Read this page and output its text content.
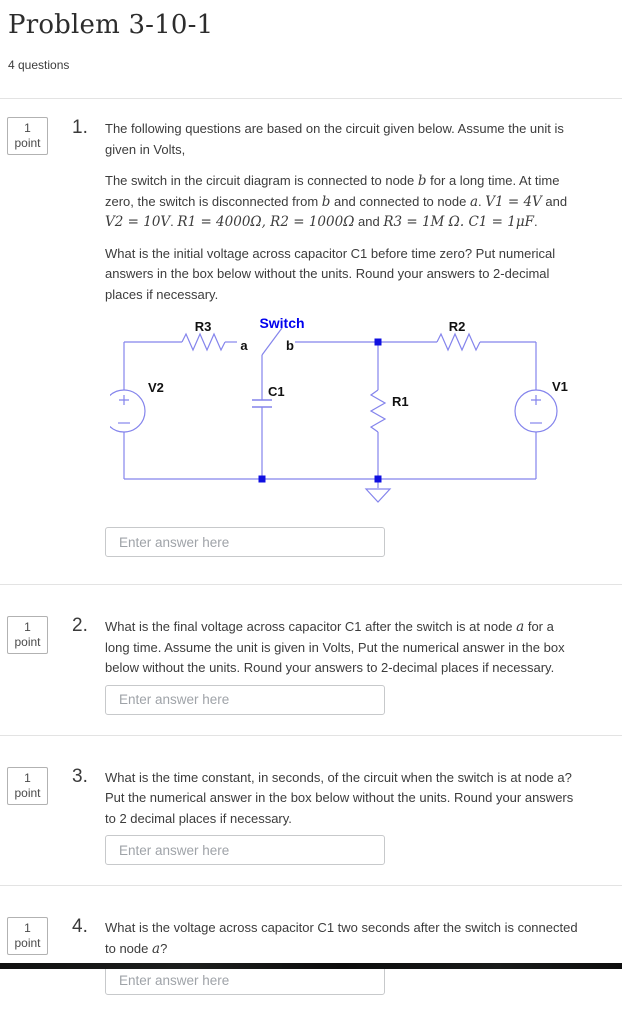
Problem 3-10-1
4 questions
1
point
1. The following questions are based on the circuit given below. Assume the unit is given in Volts,

The switch in the circuit diagram is connected to node b for a long time. At time zero, the switch is disconnected from b and connected to node a. V1 = 4V and V2 = 10V. R1 = 4000Ω, R2 = 1000Ω and R3 = 1M Ω. C1 = 1μF.

What is the initial voltage across capacitor C1 before time zero? Put numerical answers in the box below without the units. Round your answers to 2-decimal places if necessary.

R3	Switch	R2
a	b
V2	C1
R1
V1
Enter answer here
1
point
2. What is the final voltage across capacitor C1 after the switch is at node a for a long time. Assume the unit is given in Volts, Put the numerical answer in the box below without the units. Round your answers to 2-decimal places if necessary.

Enter answer here
1
point
3. What is the time constant, in seconds, of the circuit when the switch is at node a? Put the numerical answer in the box below without the units. Round your answers to 2 decimal places if necessary.

Enter answer here
1
point
4. What is the voltage across capacitor C1 two seconds after the switch is connected to node a?

Enter answer here
